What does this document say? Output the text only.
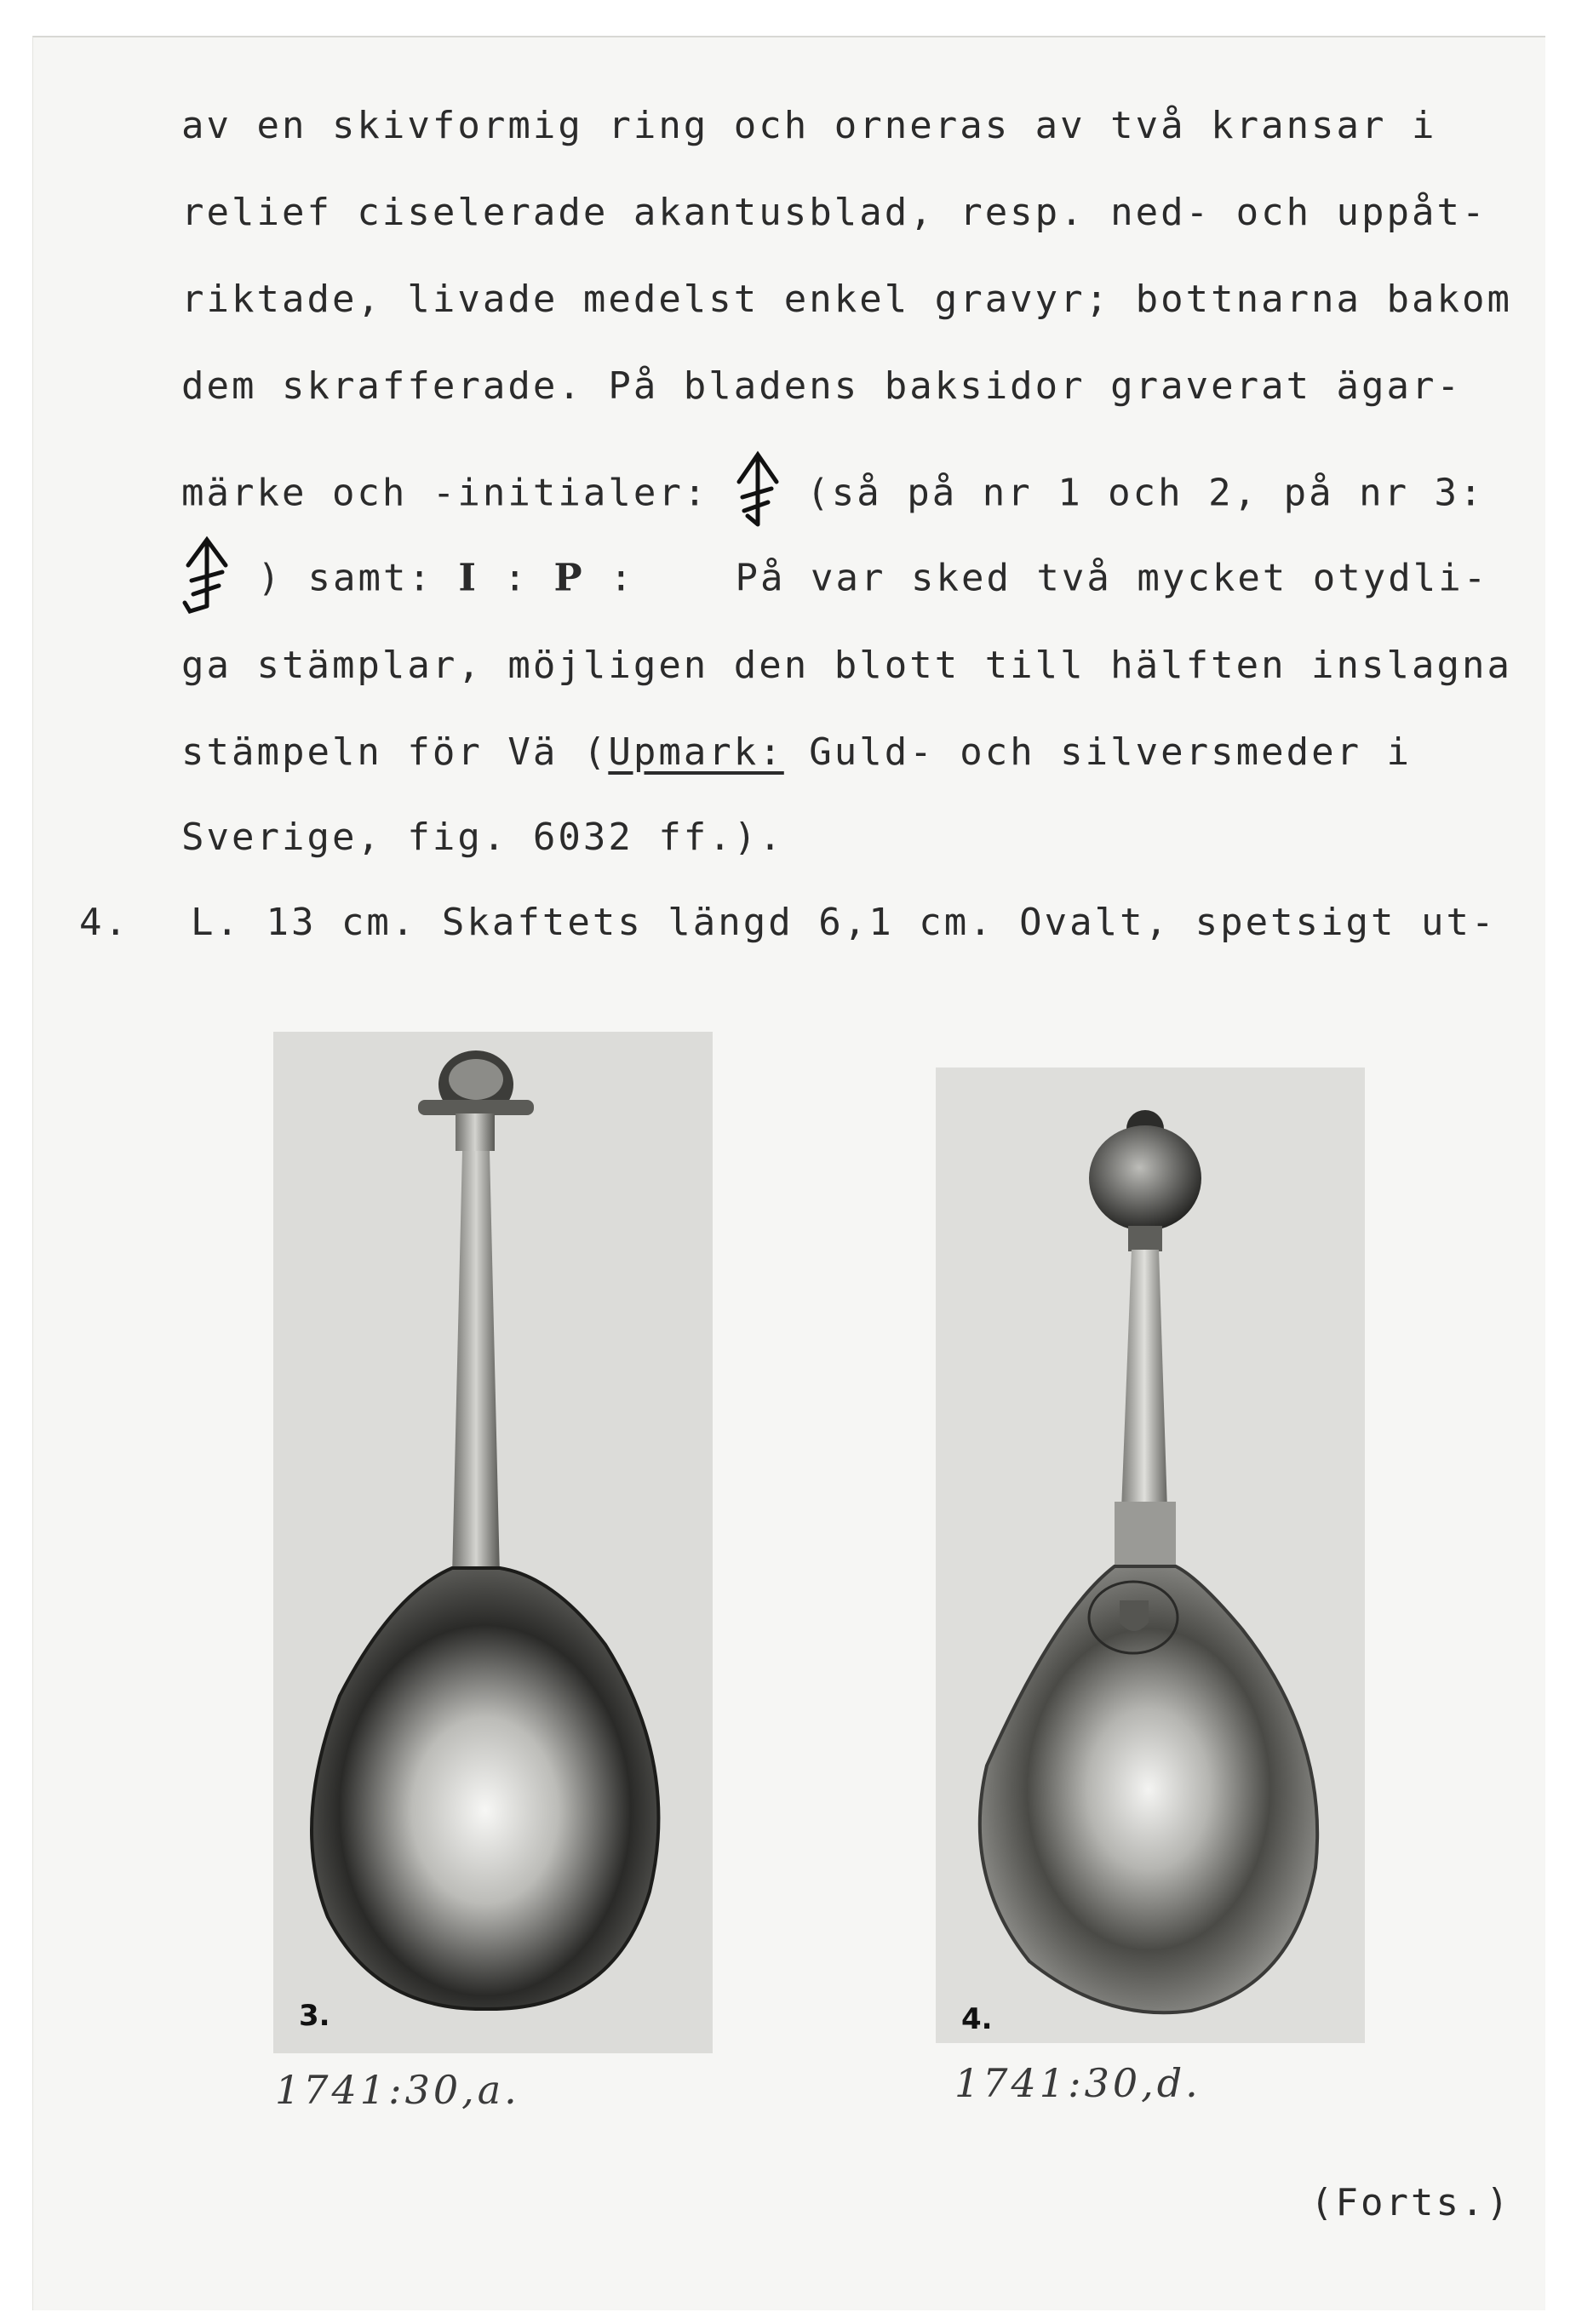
av en skivformig ring och orneras av två kransar i

relief ciselerade akantusblad, resp. ned- och uppåt-

riktade, livade medelst enkel gravyr; bottnarna bakom

dem skrafferade. På bladens baksidor graverat ägar-

märke och -initialer:  (så på nr 1 och 2, på nr 3:

) samt: I : P :    På var sked två mycket otydli-

ga stämplar, möjligen den blott till hälften inslagna

stämpeln för Vä (Upmark: Guld- och silversmeder i

Sverige, fig. 6032 ff.).

4. L. 13 cm. Skaftets längd 6,1 cm. Ovalt, spetsigt ut-

3.	4.
1741:30,a.	1741:30,d.

(Forts.)
